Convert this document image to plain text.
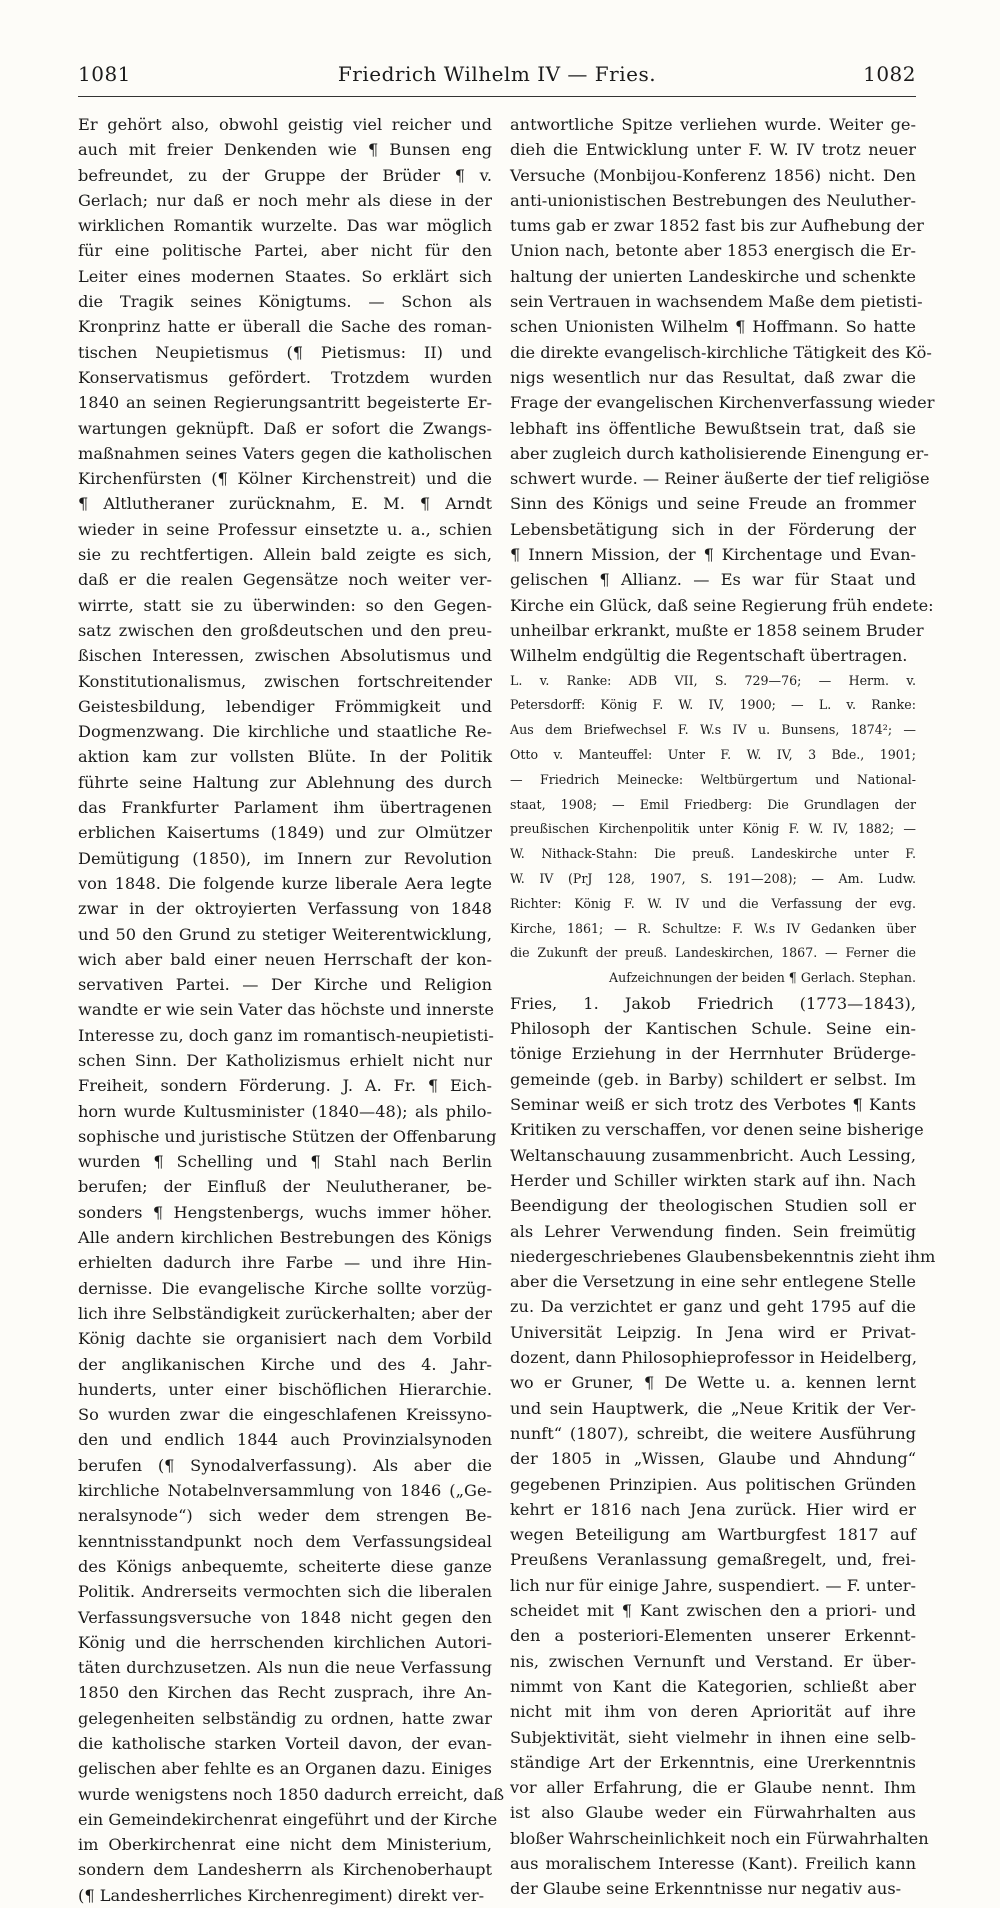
1081	Friedrich Wilhelm IV — Fries.	1082
Er gehört also, obwohl geistig viel reicher und
auch mit freier Denkenden wie ¶ Bunsen eng
befreundet, zu der Gruppe der Brüder ¶ v.
Gerlach; nur daß er noch mehr als diese in der
wirklichen Romantik wurzelte. Das war möglich
für eine politische Partei, aber nicht für den
Leiter eines modernen Staates. So erklärt sich
die Tragik seines Königtums. — Schon als
Kronprinz hatte er überall die Sache des roman-
tischen Neupietismus (¶ Pietismus: II) und
Konservatismus gefördert. Trotzdem wurden
1840 an seinen Regierungsantritt begeisterte Er-
wartungen geknüpft. Daß er sofort die Zwangs-
maßnahmen seines Vaters gegen die katholischen
Kirchenfürsten (¶ Kölner Kirchenstreit) und die
¶ Altlutheraner zurücknahm, E. M. ¶ Arndt
wieder in seine Professur einsetzte u. a., schien
sie zu rechtfertigen. Allein bald zeigte es sich,
daß er die realen Gegensätze noch weiter ver-
wirrte, statt sie zu überwinden: so den Gegen-
satz zwischen den großdeutschen und den preu-
ßischen Interessen, zwischen Absolutismus und
Konstitutionalismus, zwischen fortschreitender
Geistesbildung, lebendiger Frömmigkeit und
Dogmenzwang. Die kirchliche und staatliche Re-
aktion kam zur vollsten Blüte. In der Politik
führte seine Haltung zur Ablehnung des durch
das Frankfurter Parlament ihm übertragenen
erblichen Kaisertums (1849) und zur Olmützer
Demütigung (1850), im Innern zur Revolution
von 1848. Die folgende kurze liberale Aera legte
zwar in der oktroyierten Verfassung von 1848
und 50 den Grund zu stetiger Weiterentwicklung,
wich aber bald einer neuen Herrschaft der kon-
servativen Partei. — Der Kirche und Religion
wandte er wie sein Vater das höchste und innerste
Interesse zu, doch ganz im romantisch-neupietisti-
schen Sinn. Der Katholizismus erhielt nicht nur
Freiheit, sondern Förderung. J. A. Fr. ¶ Eich-
horn wurde Kultusminister (1840—48); als philo-
sophische und juristische Stützen der Offenbarung
wurden ¶ Schelling und ¶ Stahl nach Berlin
berufen; der Einfluß der Neulutheraner, be-
sonders ¶ Hengstenbergs, wuchs immer höher.
Alle andern kirchlichen Bestrebungen des Königs
erhielten dadurch ihre Farbe — und ihre Hin-
dernisse. Die evangelische Kirche sollte vorzüg-
lich ihre Selbständigkeit zurückerhalten; aber der
König dachte sie organisiert nach dem Vorbild
der anglikanischen Kirche und des 4. Jahr-
hunderts, unter einer bischöflichen Hierarchie.
So wurden zwar die eingeschlafenen Kreissyno-
den und endlich 1844 auch Provinzialsynoden
berufen (¶ Synodalverfassung). Als aber die
kirchliche Notabelnversammlung von 1846 („Ge-
neralsynode“) sich weder dem strengen Be-
kenntnisstandpunkt noch dem Verfassungsideal
des Königs anbequemte, scheiterte diese ganze
Politik. Andrerseits vermochten sich die liberalen
Verfassungsversuche von 1848 nicht gegen den
König und die herrschenden kirchlichen Autori-
täten durchzusetzen. Als nun die neue Verfassung
1850 den Kirchen das Recht zusprach, ihre An-
gelegenheiten selbständig zu ordnen, hatte zwar
die katholische starken Vorteil davon, der evan-
gelischen aber fehlte es an Organen dazu. Einiges
wurde wenigstens noch 1850 dadurch erreicht, daß
ein Gemeindekirchenrat eingeführt und der Kirche
im Oberkirchenrat eine nicht dem Ministerium,
sondern dem Landesherrn als Kirchenoberhaupt
(¶ Landesherrliches Kirchenregiment) direkt ver-
antwortliche Spitze verliehen wurde. Weiter ge-
dieh die Entwicklung unter F. W. IV trotz neuer
Versuche (Monbijou-Konferenz 1856) nicht. Den
anti-unionistischen Bestrebungen des Neuluther-
tums gab er zwar 1852 fast bis zur Aufhebung der
Union nach, betonte aber 1853 energisch die Er-
haltung der unierten Landeskirche und schenkte
sein Vertrauen in wachsendem Maße dem pietisti-
schen Unionisten Wilhelm ¶ Hoffmann. So hatte
die direkte evangelisch-kirchliche Tätigkeit des Kö-
nigs wesentlich nur das Resultat, daß zwar die
Frage der evangelischen Kirchenverfassung wieder
lebhaft ins öffentliche Bewußtsein trat, daß sie
aber zugleich durch katholisierende Einengung er-
schwert wurde. — Reiner äußerte der tief religiöse
Sinn des Königs und seine Freude an frommer
Lebensbetätigung sich in der Förderung der
¶ Innern Mission, der ¶ Kirchentage und Evan-
gelischen ¶ Allianz. — Es war für Staat und
Kirche ein Glück, daß seine Regierung früh endete:
unheilbar erkrankt, mußte er 1858 seinem Bruder
Wilhelm endgültig die Regentschaft übertragen.
L. v. Ranke: ADB VII, S. 729—76; — Herm. v.
Petersdorff: König F. W. IV, 1900; — L. v. Ranke:
Aus dem Briefwechsel F. W.s IV u. Bunsens, 1874²; —
Otto v. Manteuffel: Unter F. W. IV, 3 Bde., 1901;
— Friedrich Meinecke: Weltbürgertum und National-
staat, 1908; — Emil Friedberg: Die Grundlagen der
preußischen Kirchenpolitik unter König F. W. IV, 1882; —
W. Nithack-Stahn: Die preuß. Landeskirche unter F.
W. IV (PrJ 128, 1907, S. 191—208); — Am. Ludw.
Richter: König F. W. IV und die Verfassung der evg.
Kirche, 1861; — R. Schultze: F. W.s IV Gedanken über
die Zukunft der preuß. Landeskirchen, 1867. — Ferner die
Aufzeichnungen der beiden ¶ Gerlach. Stephan.
Fries, 1. Jakob Friedrich (1773—1843),
Philosoph der Kantischen Schule. Seine ein-
tönige Erziehung in der Herrnhuter Brüderge-
gemeinde (geb. in Barby) schildert er selbst. Im
Seminar weiß er sich trotz des Verbotes ¶ Kants
Kritiken zu verschaffen, vor denen seine bisherige
Weltanschauung zusammenbricht. Auch Lessing,
Herder und Schiller wirkten stark auf ihn. Nach
Beendigung der theologischen Studien soll er
als Lehrer Verwendung finden. Sein freimütig
niedergeschriebenes Glaubensbekenntnis zieht ihm
aber die Versetzung in eine sehr entlegene Stelle
zu. Da verzichtet er ganz und geht 1795 auf die
Universität Leipzig. In Jena wird er Privat-
dozent, dann Philosophieprofessor in Heidelberg,
wo er Gruner, ¶ De Wette u. a. kennen lernt
und sein Hauptwerk, die „Neue Kritik der Ver-
nunft“ (1807), schreibt, die weitere Ausführung
der 1805 in „Wissen, Glaube und Ahndung“
gegebenen Prinzipien. Aus politischen Gründen
kehrt er 1816 nach Jena zurück. Hier wird er
wegen Beteiligung am Wartburgfest 1817 auf
Preußens Veranlassung gemaßregelt, und, frei-
lich nur für einige Jahre, suspendiert. — F. unter-
scheidet mit ¶ Kant zwischen den a priori- und
den a posteriori-Elementen unserer Erkennt-
nis, zwischen Vernunft und Verstand. Er über-
nimmt von Kant die Kategorien, schließt aber
nicht mit ihm von deren Apriorität auf ihre
Subjektivität, sieht vielmehr in ihnen eine selb-
ständige Art der Erkenntnis, eine Urerkenntnis
vor aller Erfahrung, die er Glaube nennt. Ihm
ist also Glaube weder ein Fürwahrhalten aus
bloßer Wahrscheinlichkeit noch ein Fürwahrhalten
aus moralischem Interesse (Kant). Freilich kann
der Glaube seine Erkenntnisse nur negativ aus-
